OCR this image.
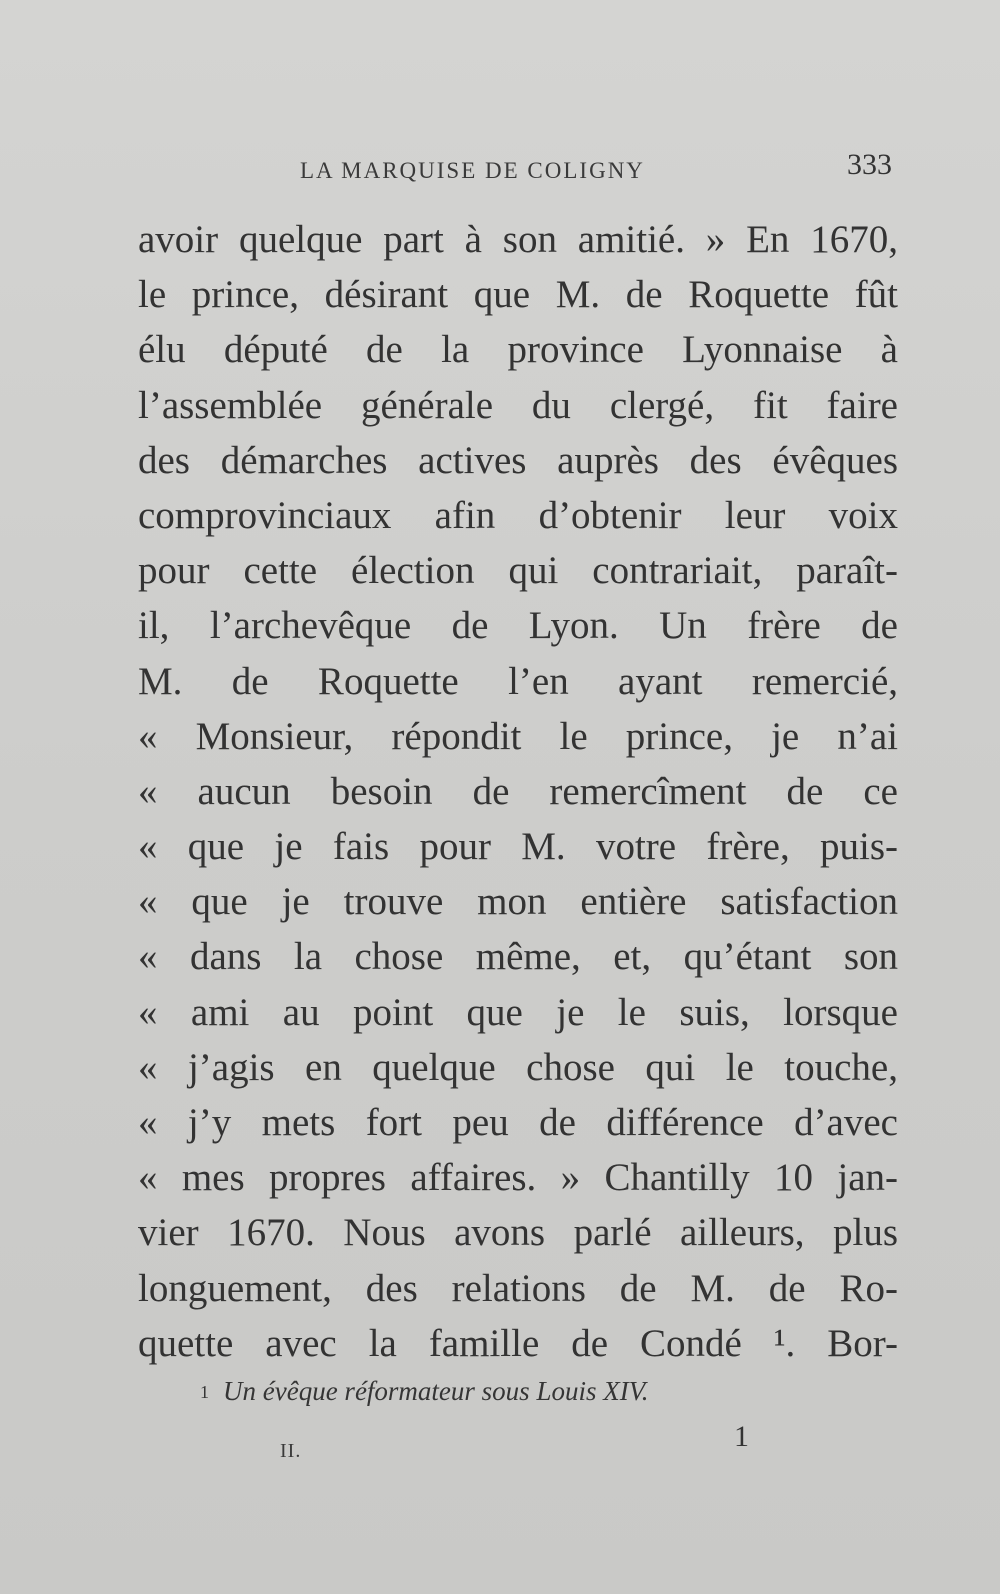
LA MARQUISE DE COLIGNY	333
avoir quelque part à son amitié. » En 1670,
le prince, désirant que M. de Roquette fût
élu député de la province Lyonnaise à
l’assemblée générale du clergé, fit faire
des démarches actives auprès des évêques
comprovinciaux afin d’obtenir leur voix
pour cette élection qui contrariait, paraît-
il, l’archevêque de Lyon. Un frère de
M. de Roquette l’en ayant remercié,
« Monsieur, répondit le prince, je n’ai
« aucun besoin de remercîment de ce
« que je fais pour M. votre frère, puis-
« que je trouve mon entière satisfaction
« dans la chose même, et, qu’étant son
« ami au point que je le suis, lorsque
« j’agis en quelque chose qui le touche,
« j’y mets fort peu de différence d’avec
« mes propres affaires. » Chantilly 10 jan-
vier 1670. Nous avons parlé ailleurs, plus
longuement, des relations de M. de Ro-
quette avec la famille de Condé ¹. Bor-
1 Un évêque réformateur sous Louis XIV.
II.	1
